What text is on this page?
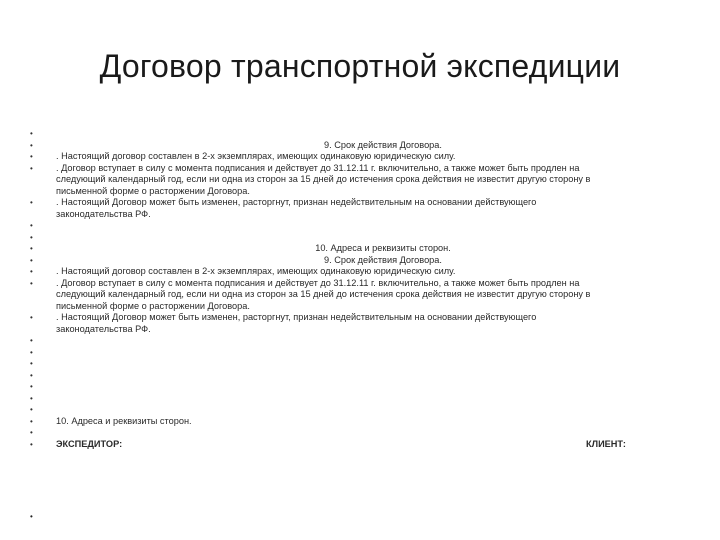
Договор транспортной экспедиции
•
•	9. Срок действия Договора.
•	. Настоящий договор составлен в 2-х экземплярах, имеющих одинаковую юридическую силу.
•	. Договор вступает в силу с момента подписания и действует до 31.12.11 г. включительно, а также может быть продлен на
следующий календарный год, если ни одна из сторон за 15 дней до истечения срока действия не известит другую сторону в
письменной форме о расторжении Договора.
•	. Настоящий Договор может быть изменен, расторгнут, признан недействительным на основании действующего
законодательства РФ.
•
•
•	10. Адреса и реквизиты сторон.
•	9. Срок действия Договора.
•	. Настоящий договор составлен в 2-х экземплярах, имеющих одинаковую юридическую силу.
•	. Договор вступает в силу с момента подписания и действует до 31.12.11 г. включительно, а также может быть продлен на
следующий календарный год, если ни одна из сторон за 15 дней до истечения срока действия не известит другую сторону в
письменной форме о расторжении Договора.
•	. Настоящий Договор может быть изменен, расторгнут, признан недействительным на основании действующего
законодательства РФ.
•
•
•
•
•
•
•
•	10. Адреса и реквизиты сторон.
•
•	ЭКСПЕДИТОР:	КЛИЕНТ:
•
